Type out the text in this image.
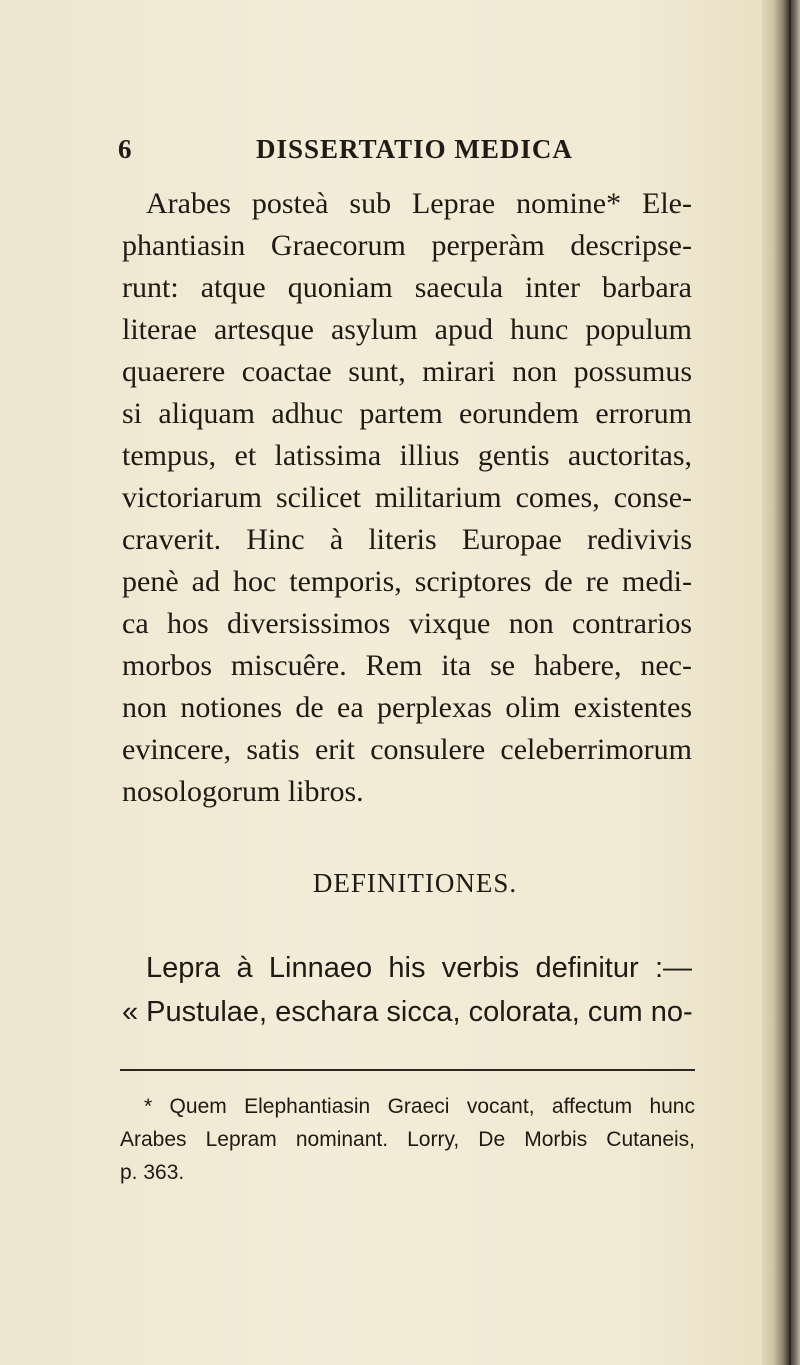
6	DISSERTATIO MEDICA
Arabes posteà sub Leprae nomine* Ele-
phantiasin Graecorum perperàm descripse-
runt: atque quoniam saecula inter barbara
literae artesque asylum apud hunc populum
quaerere coactae sunt, mirari non possumus
si aliquam adhuc partem eorundem errorum
tempus, et latissima illius gentis auctoritas,
victoriarum scilicet militarium comes, conse-
craverit. Hinc à literis Europae redivivis
penè ad hoc temporis, scriptores de re medi-
ca hos diversissimos vixque non contrarios
morbos miscuêre. Rem ita se habere, nec-
non notiones de ea perplexas olim existentes
evincere, satis erit consulere celeberrimorum
nosologorum libros.
DEFINITIONES.
Lepra à Linnaeo his verbis definitur :—
« Pustulae, eschara sicca, colorata, cum no-
* Quem Elephantiasin Graeci vocant, affectum hunc
Arabes Lepram nominant. Lorry, De Morbis Cutaneis,
p. 363.
